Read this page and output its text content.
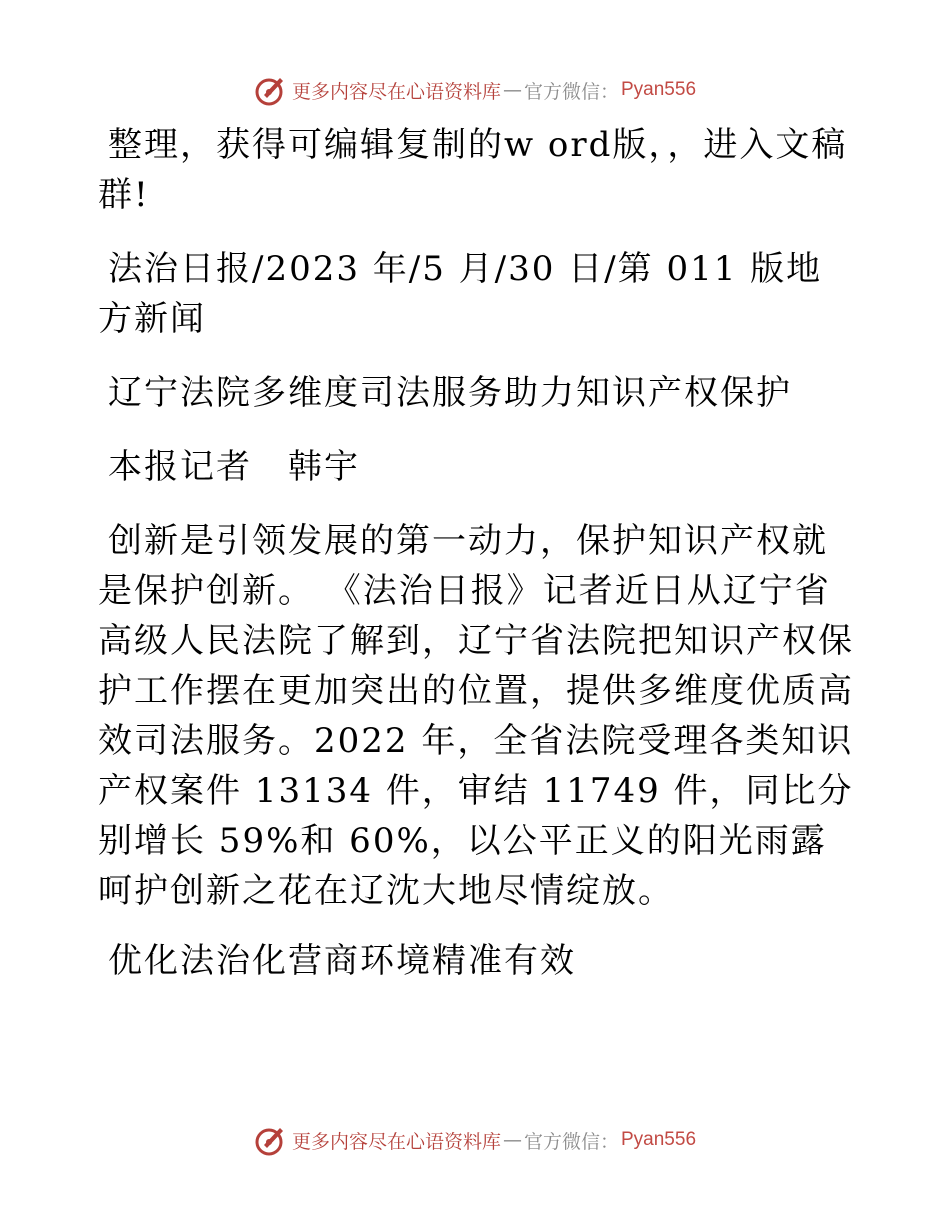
更多内容尽在心语资料库 — 官方微信： Pyan556

整理，获得可编辑复制的w ord版，，进入文稿群!

法治日报/2023 年/5 月/30 日/第 011 版地方新闻

辽宁法院多维度司法服务助力知识产权保护

本报记者　韩宇

创新是引领发展的第一动力，保护知识产权就是保护创新。 《法治日报》记者近日从辽宁省高级人民法院了解到，辽宁省法院把知识产权保护工作摆在更加突出的位置，提供多维度优质高效司法服务。2022 年，全省法院受理各类知识产权案件 13134 件，审结 11749 件，同比分别增长 59%和 60%，以公平正义的阳光雨露呵护创新之花在辽沈大地尽情绽放。

优化法治化营商环境精准有效

更多内容尽在心语资料库 — 官方微信： Pyan556
